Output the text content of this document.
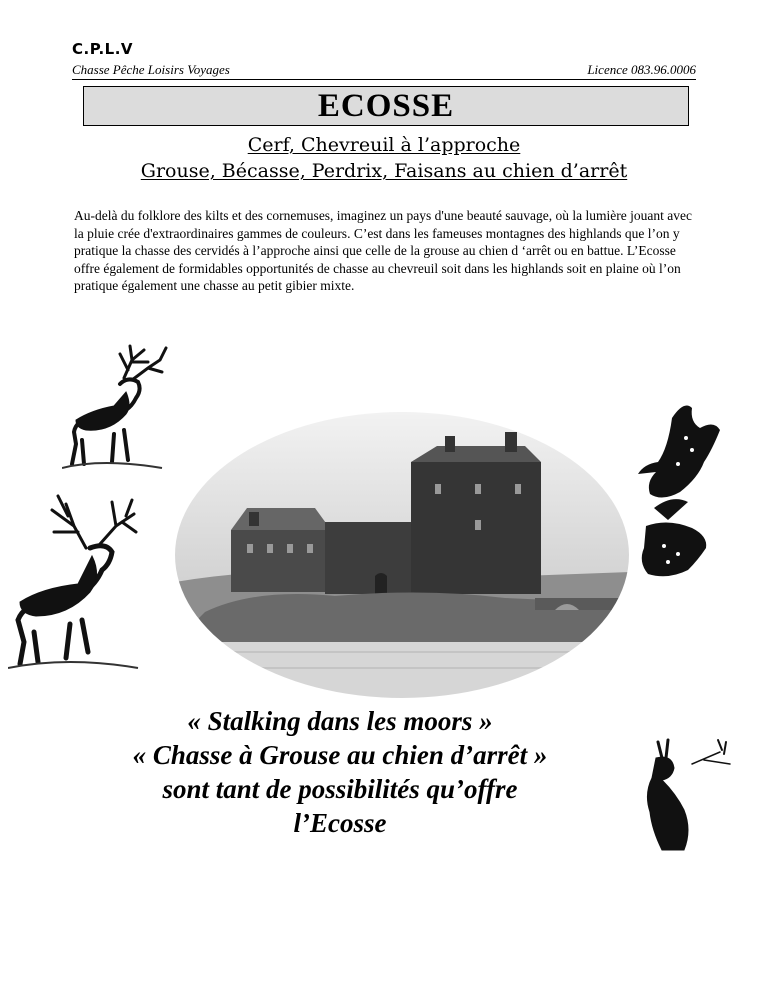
C.P.L.V
Chasse Pêche Loisirs Voyages	Licence 083.96.0006
ECOSSE
Cerf, Chevreuil à l’approche
Grouse, Bécasse, Perdrix, Faisans au chien d’arrêt
Au-delà du folklore des kilts et des cornemuses, imaginez un pays d'une beauté sauvage, où la lumière jouant avec la pluie crée d'extraordinaires gammes de couleurs. C’est dans les fameuses montagnes des highlands que l’on y pratique la chasse des cervidés à l’approche ainsi que celle de la grouse au chien d ‘arrêt ou en battue. L’Ecosse offre également de formidables opportunités de chasse au chevreuil soit dans les highlands soit en plaine où l’on pratique également une chasse au petit gibier mixte.
« Stalking dans les moors »
« Chasse à Grouse au chien d’arrêt »
sont tant de possibilités qu’offre
l’Ecosse
